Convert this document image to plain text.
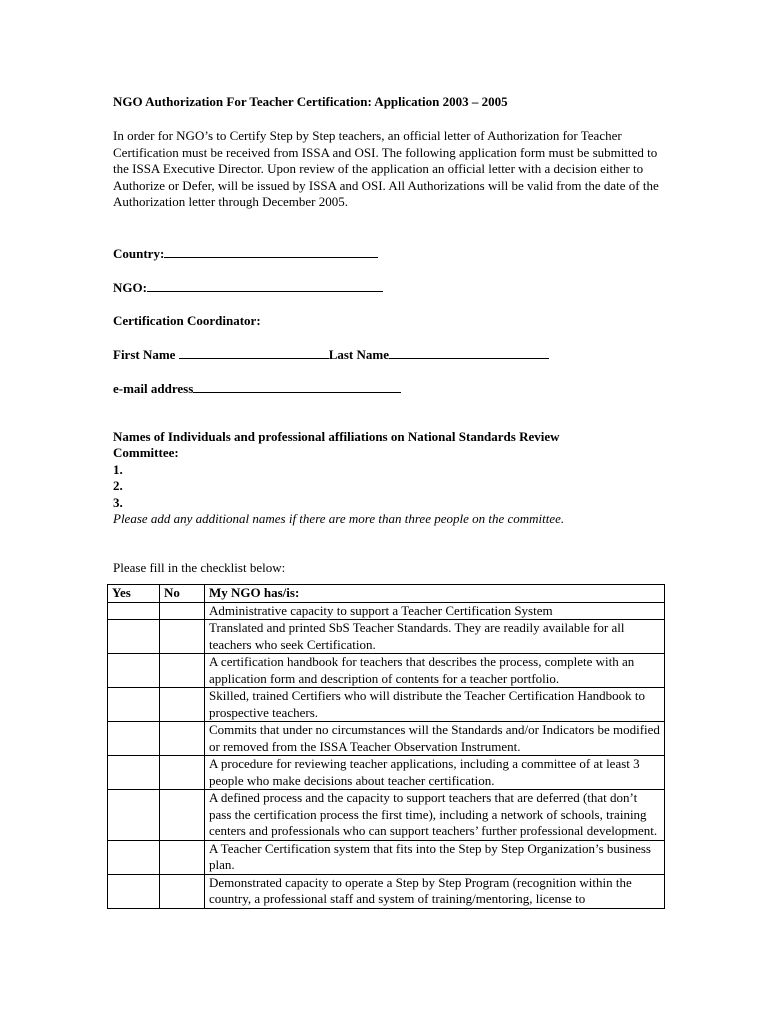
NGO Authorization For Teacher Certification: Application 2003 – 2005

In order for NGO’s to Certify Step by Step teachers, an official letter of Authorization for Teacher Certification must be received from ISSA and OSI. The following application form must be submitted to the ISSA Executive Director. Upon review of the application an official letter with a decision either to Authorize or Defer, will be issued by ISSA and OSI. All Authorizations will be valid from the date of the Authorization letter through December 2005.
Country:
NGO:
Certification Coordinator:
First Name	Last Name
e-mail address
Names of Individuals and professional affiliations on National Standards Review Committee:
1.
2.
3.
Please add any additional names if there are more than three people on the committee.
Please fill in the checklist below:
Yes	No	My NGO has/is:
		Administrative capacity to support a Teacher Certification System
		Translated and printed SbS Teacher Standards. They are readily available for all teachers who seek Certification.
		A certification handbook for teachers that describes the process, complete with an application form and description of contents for a teacher portfolio.
		Skilled, trained Certifiers who will distribute the Teacher Certification Handbook to prospective teachers.
		Commits that under no circumstances will the Standards and/or Indicators be modified or removed from the ISSA Teacher Observation Instrument.
		A procedure for reviewing teacher applications, including a committee of at least 3 people who make decisions about teacher certification.
		A defined process and the capacity to support teachers that are deferred (that don’t pass the certification process the first time), including a network of schools, training centers and professionals who can support teachers’ further professional development.
		A Teacher Certification system that fits into the Step by Step Organization’s business plan.
		Demonstrated capacity to operate a Step by Step Program (recognition within the country, a professional staff and system of training/mentoring, license to
